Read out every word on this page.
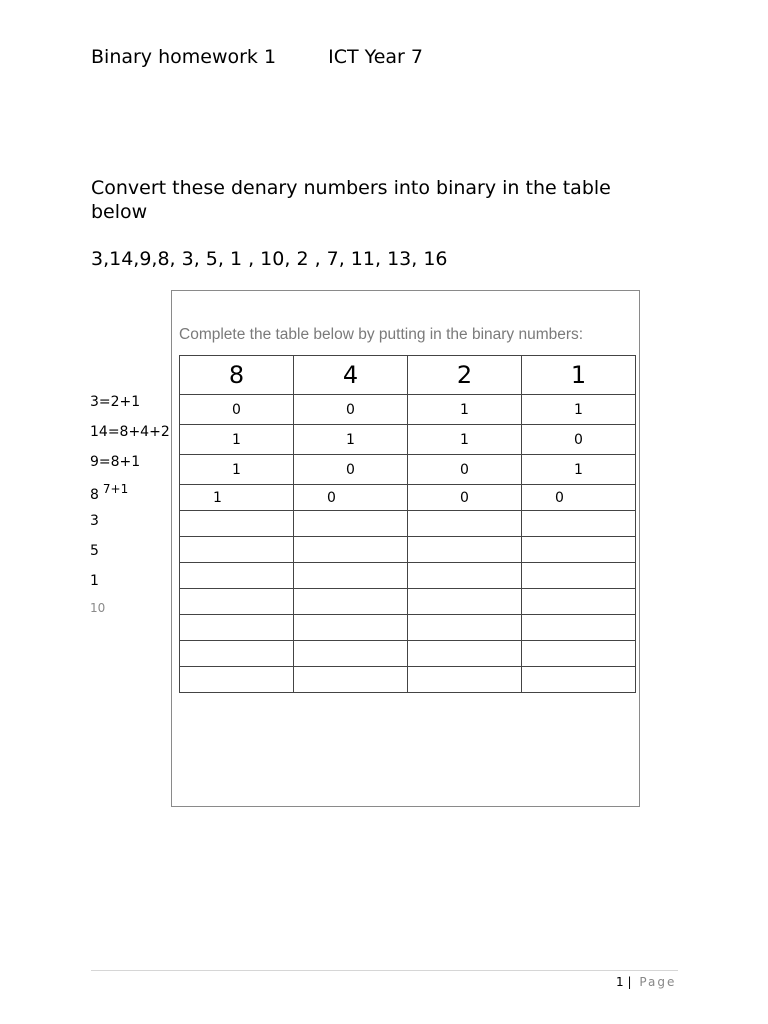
Binary homework 1	ICT Year 7
Convert these denary numbers into binary in the table below
3,14,9,8, 3, 5, 1 , 10, 2 , 7, 11, 13, 16
Complete the table below by putting in the binary numbers:
8	4	2	1
0	0	1	1
1	1	1	0
1	0	0	1
1	0	0	0

3=2+1
14=8+4+2
9=8+1
8 $^{7+1}$
3
5
1
10
1 | Page
